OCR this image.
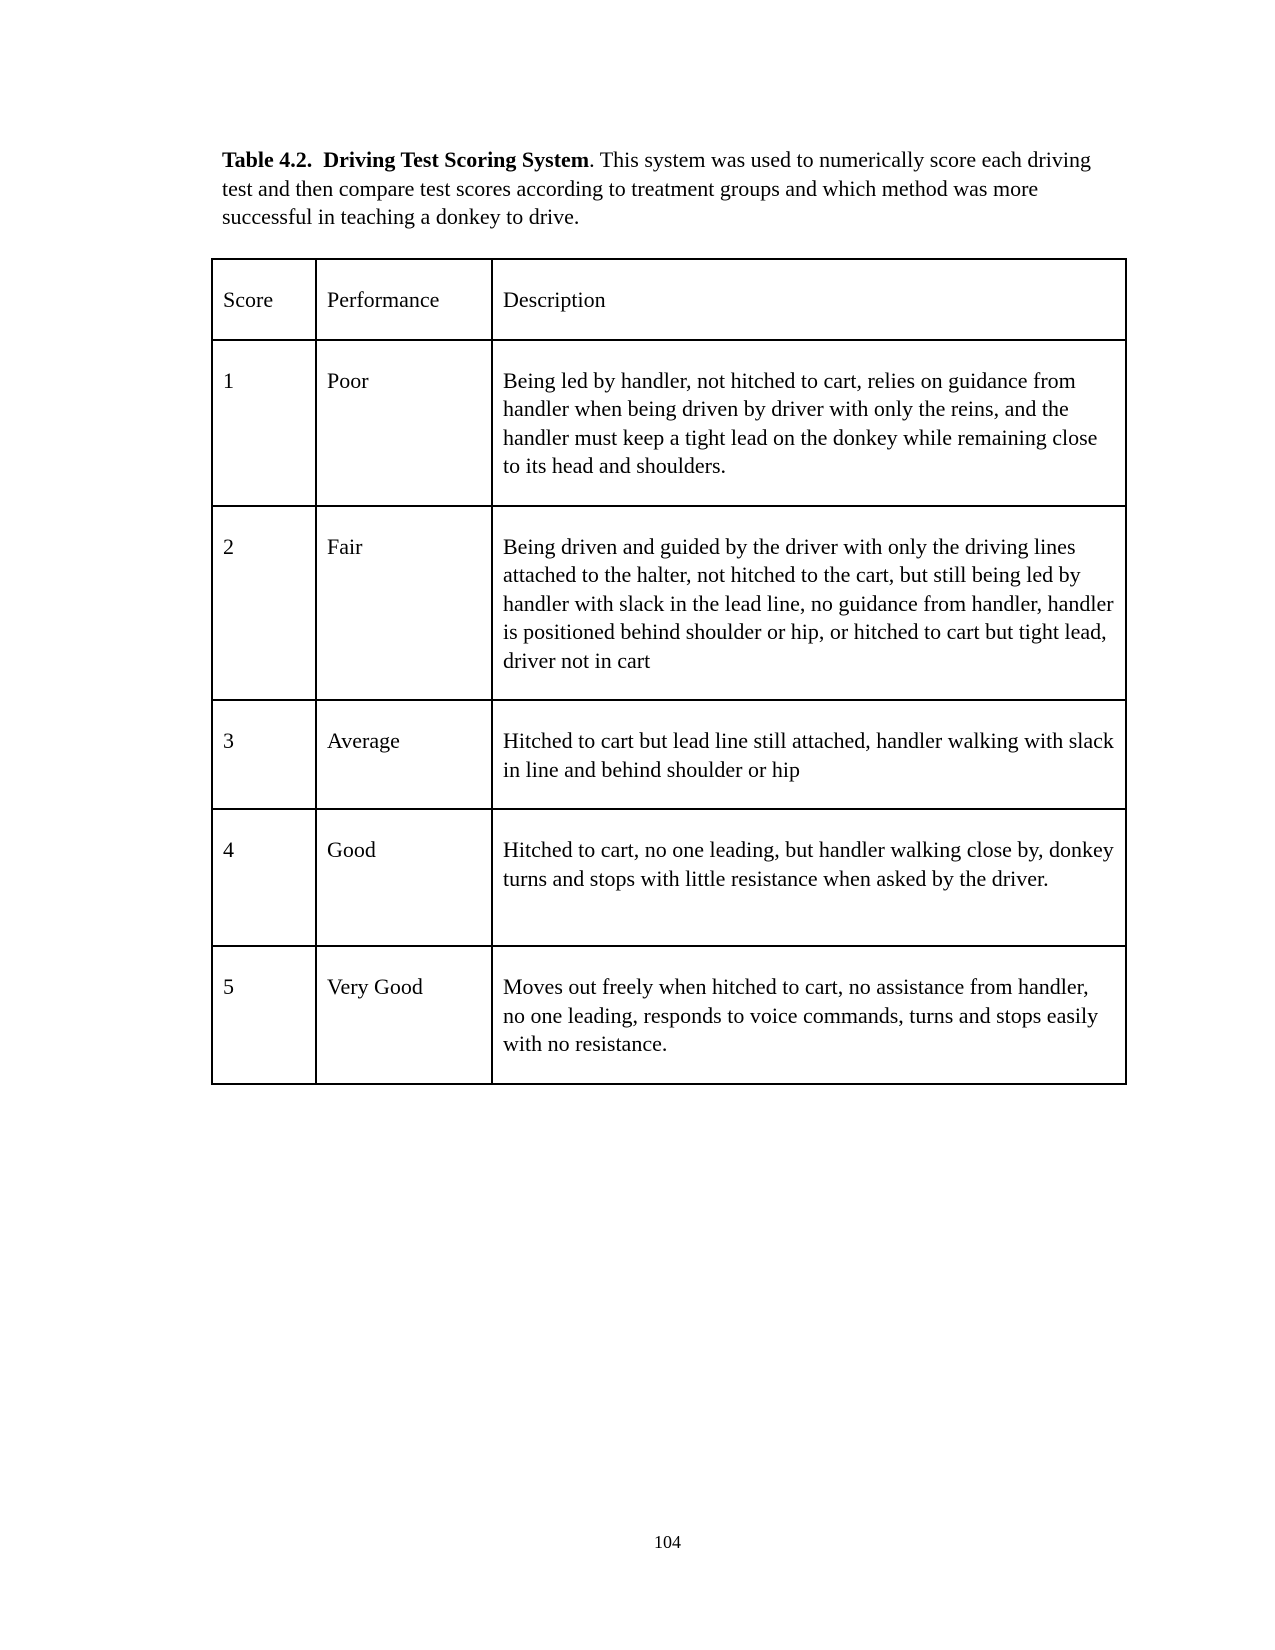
Table 4.2. Driving Test Scoring System. This system was used to numerically score each driving test and then compare test scores according to treatment groups and which method was more successful in teaching a donkey to drive.
Score	Performance	Description
1	Poor	Being led by handler, not hitched to cart, relies on guidance from handler when being driven by driver with only the reins, and the handler must keep a tight lead on the donkey while remaining close to its head and shoulders.
2	Fair	Being driven and guided by the driver with only the driving lines attached to the halter, not hitched to the cart, but still being led by handler with slack in the lead line, no guidance from handler, handler is positioned behind shoulder or hip, or hitched to cart but tight lead, driver not in cart
3	Average	Hitched to cart but lead line still attached, handler walking with slack in line and behind shoulder or hip
4	Good	Hitched to cart, no one leading, but handler walking close by, donkey turns and stops with little resistance when asked by the driver.
5	Very Good	Moves out freely when hitched to cart, no assistance from handler, no one leading, responds to voice commands, turns and stops easily with no resistance.
104
